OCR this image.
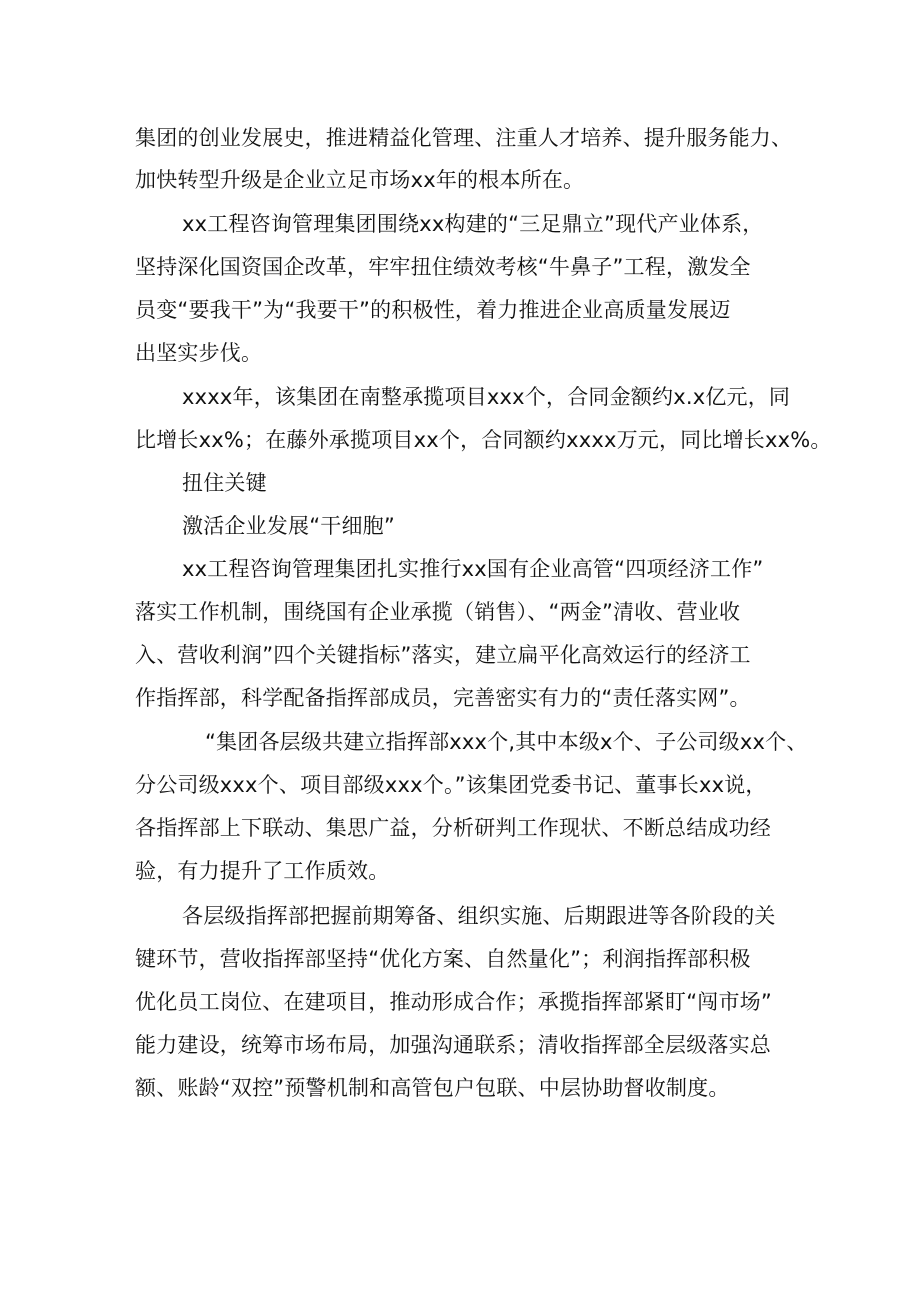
集团的创业发展史，推进精益化管理、注重人才培养、提升服务能力、
加快转型升级是企业立足市场xx年的根本所在。
xx工程咨询管理集团围绕xx构建的“三足鼎立”现代产业体系，
坚持深化国资国企改革，牢牢扭住绩效考核“牛鼻子”工程，激发全
员变“要我干”为“我要干”的积极性，着力推进企业高质量发展迈
出坚实步伐。
xxxx年，该集团在南整承揽项目xxx个，合同金额约x.x亿元，同
比增长xx%；在藤外承揽项目xx个，合同额约xxxx万元，同比增长xx%。
扭住关键
激活企业发展“干细胞”
xx工程咨询管理集团扎实推行xx国有企业高管“四项经济工作”
落实工作机制，围绕国有企业承揽（销售）、“两金”清收、营业收
入、营收利润”四个关键指标”落实，建立扁平化高效运行的经济工
作指挥部，科学配备指挥部成员，完善密实有力的“责任落实网”。
“集团各层级共建立指挥部xxx个,其中本级x个、子公司级xx个、
分公司级xxx个、项目部级xxx个。”该集团党委书记、董事长xx说，
各指挥部上下联动、集思广益，分析研判工作现状、不断总结成功经
验，有力提升了工作质效。
各层级指挥部把握前期筹备、组织实施、后期跟进等各阶段的关
键环节，营收指挥部坚持“优化方案、自然量化”；利润指挥部积极
优化员工岗位、在建项目，推动形成合作；承揽指挥部紧盯“闯市场”
能力建设，统筹市场布局，加强沟通联系；清收指挥部全层级落实总
额、账龄“双控”预警机制和高管包户包联、中层协助督收制度。
